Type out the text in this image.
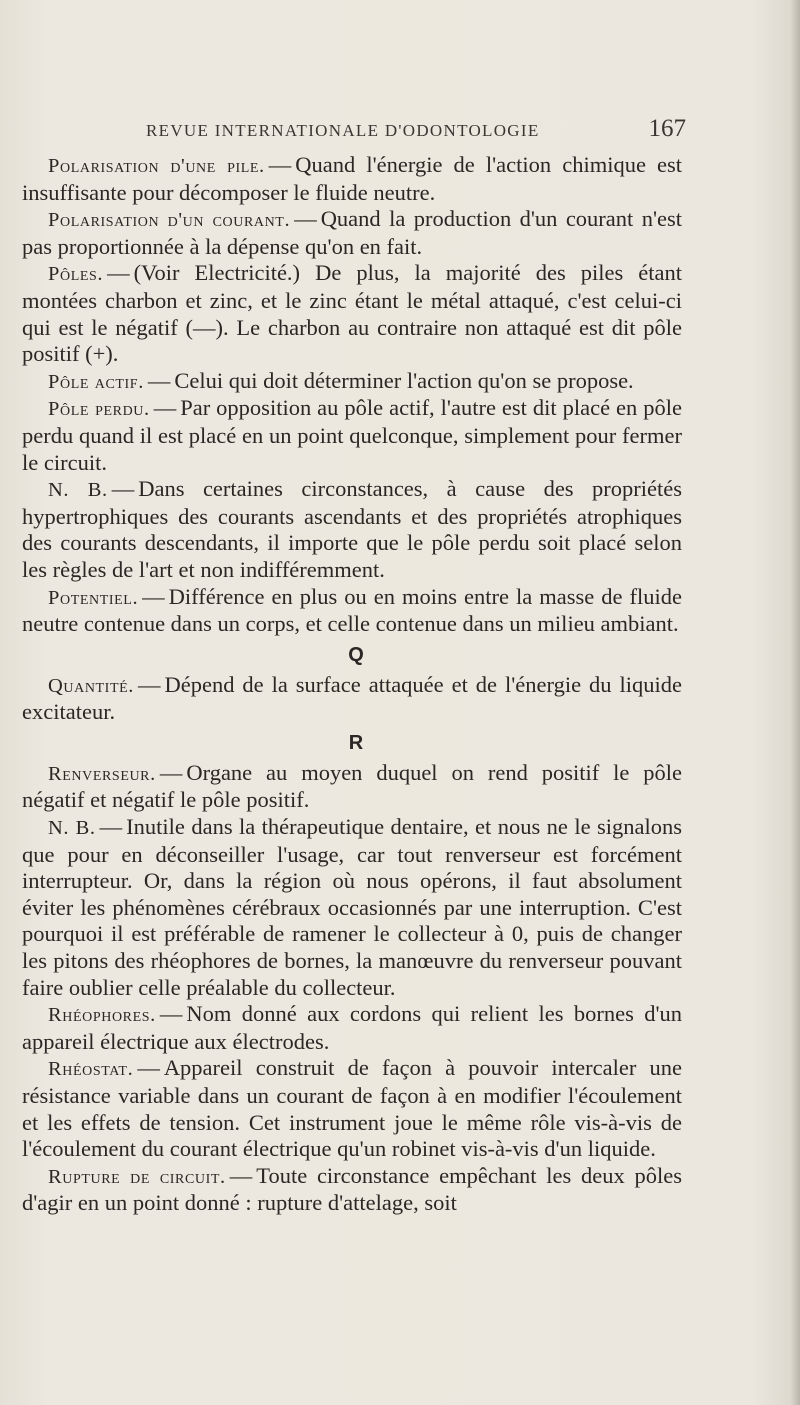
REVUE INTERNATIONALE D'ODONTOLOGIE	167

Polarisation d'une pile. — Quand l'énergie de l'action chimique est insuffisante pour décomposer le fluide neutre.

Polarisation d'un courant. — Quand la production d'un courant n'est pas proportionnée à la dépense qu'on en fait.

Pôles. — (Voir Electricité.) De plus, la majorité des piles étant montées charbon et zinc, et le zinc étant le métal attaqué, c'est celui-ci qui est le négatif (—). Le charbon au contraire non attaqué est dit pôle positif (+).

Pôle actif. — Celui qui doit déterminer l'action qu'on se propose.

Pôle perdu. — Par opposition au pôle actif, l'autre est dit placé en pôle perdu quand il est placé en un point quelconque, simplement pour fermer le circuit.

N. B. — Dans certaines circonstances, à cause des propriétés hypertrophiques des courants ascendants et des propriétés atrophiques des courants descendants, il importe que le pôle perdu soit placé selon les règles de l'art et non indifféremment.

Potentiel. — Différence en plus ou en moins entre la masse de fluide neutre contenue dans un corps, et celle contenue dans un milieu ambiant.

Q

Quantité. — Dépend de la surface attaquée et de l'énergie du liquide excitateur.

R

Renverseur. — Organe au moyen duquel on rend positif le pôle négatif et négatif le pôle positif.

N. B. — Inutile dans la thérapeutique dentaire, et nous ne le signalons que pour en déconseiller l'usage, car tout renverseur est forcément interrupteur. Or, dans la région où nous opérons, il faut absolument éviter les phénomènes cérébraux occasionnés par une interruption. C'est pourquoi il est préférable de ramener le collecteur à 0, puis de changer les pitons des rhéophores de bornes, la manœuvre du renverseur pouvant faire oublier celle préalable du collecteur.

Rhéophores. — Nom donné aux cordons qui relient les bornes d'un appareil électrique aux électrodes.

Rhéostat. — Appareil construit de façon à pouvoir intercaler une résistance variable dans un courant de façon à en modifier l'écoulement et les effets de tension. Cet instrument joue le même rôle vis-à-vis de l'écoulement du courant électrique qu'un robinet vis-à-vis d'un liquide.

Rupture de circuit. — Toute circonstance empêchant les deux pôles d'agir en un point donné : rupture d'attelage, soit
